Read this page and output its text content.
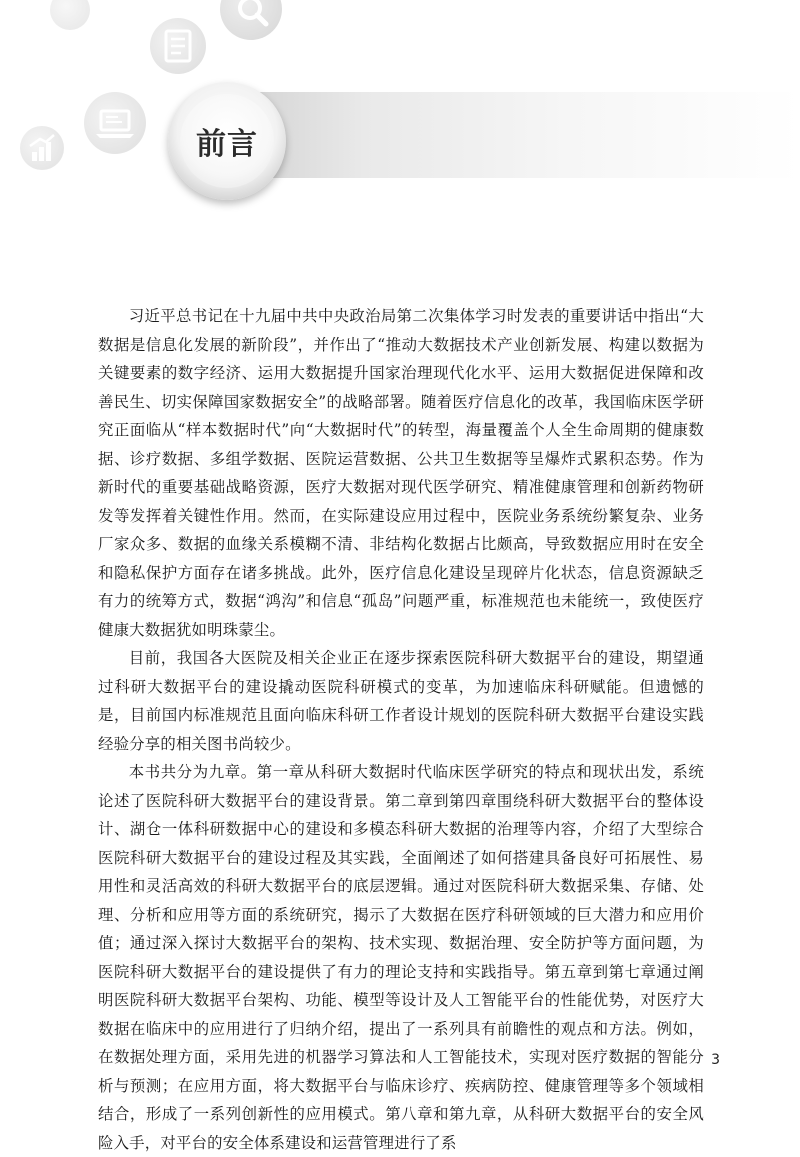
前言

习近平总书记在十九届中共中央政治局第二次集体学习时发表的重要讲话中指出“大数据是信息化发展的新阶段”，并作出了“推动大数据技术产业创新发展、构建以数据为关键要素的数字经济、运用大数据提升国家治理现代化水平、运用大数据促进保障和改善民生、切实保障国家数据安全”的战略部署。随着医疗信息化的改革，我国临床医学研究正面临从“样本数据时代”向“大数据时代”的转型，海量覆盖个人全生命周期的健康数据、诊疗数据、多组学数据、医院运营数据、公共卫生数据等呈爆炸式累积态势。作为新时代的重要基础战略资源，医疗大数据对现代医学研究、精准健康管理和创新药物研发等发挥着关键性作用。然而，在实际建设应用过程中，医院业务系统纷繁复杂、业务厂家众多、数据的血缘关系模糊不清、非结构化数据占比颇高，导致数据应用时在安全和隐私保护方面存在诸多挑战。此外，医疗信息化建设呈现碎片化状态，信息资源缺乏有力的统筹方式，数据“鸿沟”和信息“孤岛”问题严重，标准规范也未能统一，致使医疗健康大数据犹如明珠蒙尘。

目前，我国各大医院及相关企业正在逐步探索医院科研大数据平台的建设，期望通过科研大数据平台的建设撬动医院科研模式的变革，为加速临床科研赋能。但遗憾的是，目前国内标准规范且面向临床科研工作者设计规划的医院科研大数据平台建设实践经验分享的相关图书尚较少。

本书共分为九章。第一章从科研大数据时代临床医学研究的特点和现状出发，系统论述了医院科研大数据平台的建设背景。第二章到第四章围绕科研大数据平台的整体设计、湖仓一体科研数据中心的建设和多模态科研大数据的治理等内容，介绍了大型综合医院科研大数据平台的建设过程及其实践，全面阐述了如何搭建具备良好可拓展性、易用性和灵活高效的科研大数据平台的底层逻辑。通过对医院科研大数据采集、存储、处理、分析和应用等方面的系统研究，揭示了大数据在医疗科研领域的巨大潜力和应用价值；通过深入探讨大数据平台的架构、技术实现、数据治理、安全防护等方面问题，为医院科研大数据平台的建设提供了有力的理论支持和实践指导。第五章到第七章通过阐明医院科研大数据平台架构、功能、模型等设计及人工智能平台的性能优势，对医疗大数据在临床中的应用进行了归纳介绍，提出了一系列具有前瞻性的观点和方法。例如，在数据处理方面，采用先进的机器学习算法和人工智能技术，实现对医疗数据的智能分析与预测；在应用方面，将大数据平台与临床诊疗、疾病防控、健康管理等多个领域相结合，形成了一系列创新性的应用模式。第八章和第九章，从科研大数据平台的安全风险入手，对平台的安全体系建设和运营管理进行了系

3
